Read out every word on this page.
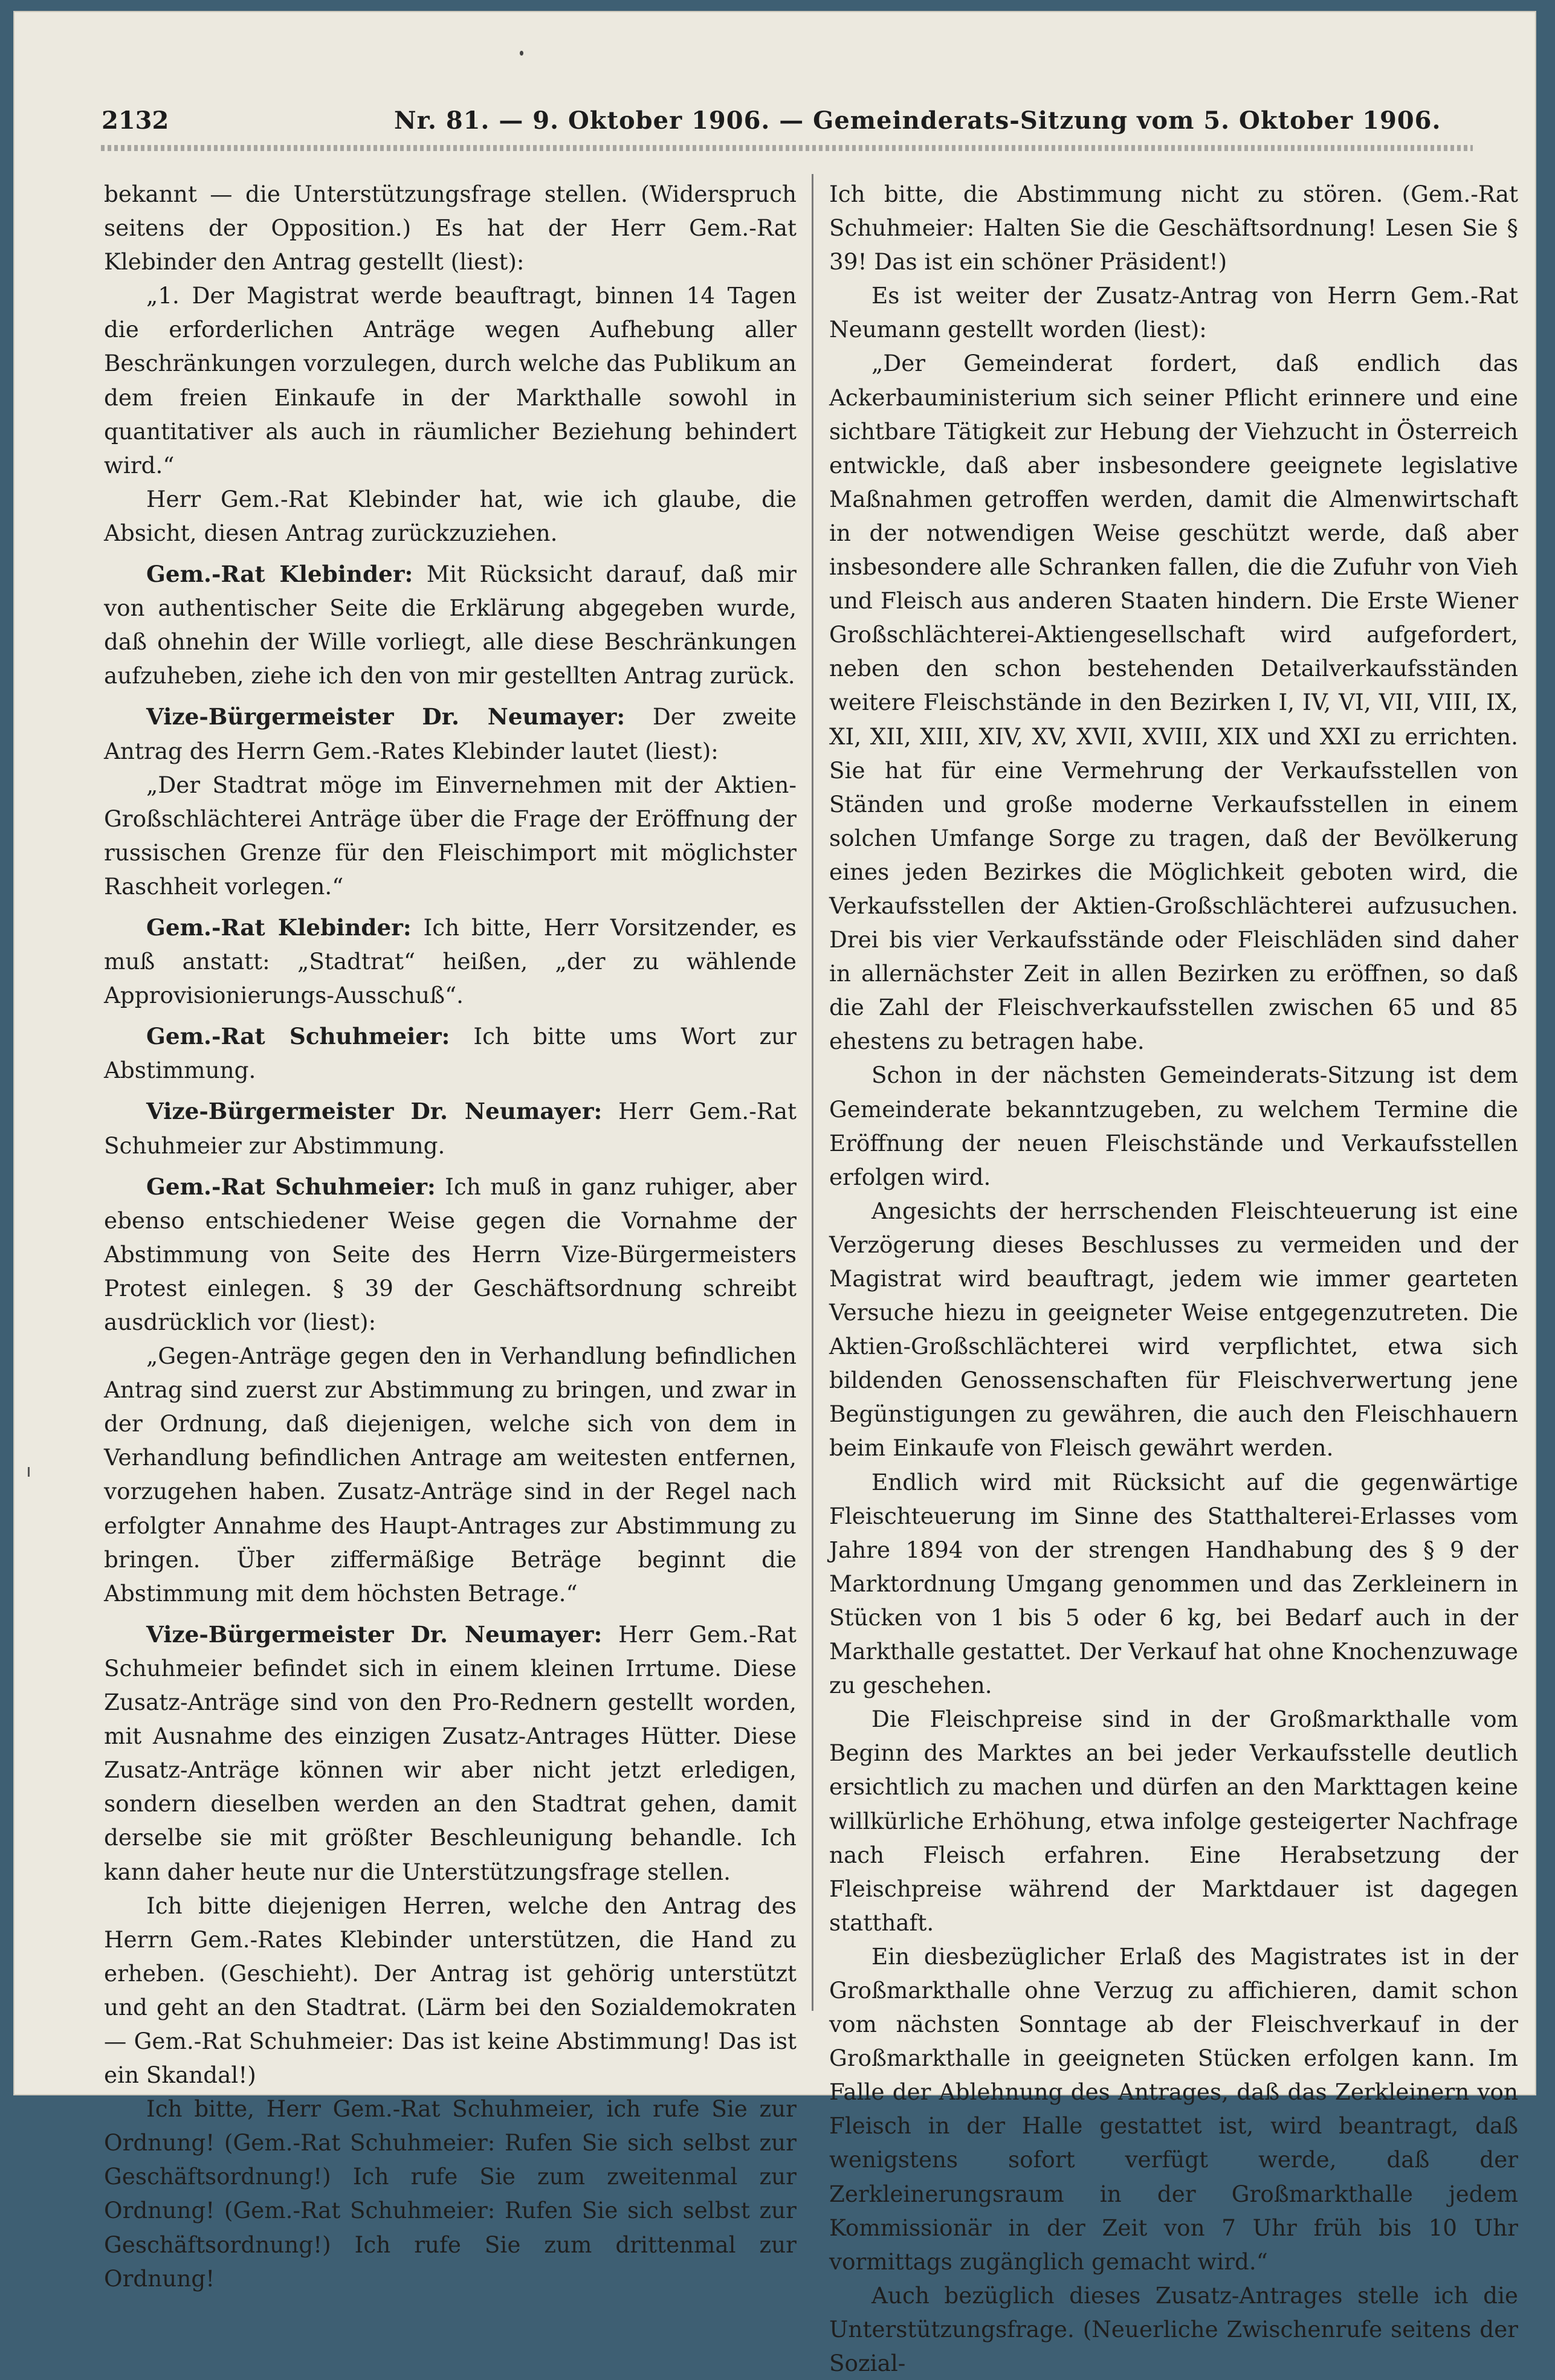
2132	Nr. 81. — 9. Oktober 1906. — Gemeinderats-Sitzung vom 5. Oktober 1906.

bekannt — die Unterstützungsfrage stellen. (Widerspruch seitens der Opposition.) Es hat der Herr Gem.-Rat Klebinder den Antrag gestellt (liest):

„1. Der Magistrat werde beauftragt, binnen 14 Tagen die erforderlichen Anträge wegen Aufhebung aller Beschränkungen vorzulegen, durch welche das Publikum an dem freien Einkaufe in der Markthalle sowohl in quantitativer als auch in räumlicher Beziehung behindert wird.“

Herr Gem.-Rat Klebinder hat, wie ich glaube, die Absicht, diesen Antrag zurückzuziehen.

Gem.-Rat Klebinder: Mit Rücksicht darauf, daß mir von authentischer Seite die Erklärung abgegeben wurde, daß ohnehin der Wille vorliegt, alle diese Beschränkungen aufzuheben, ziehe ich den von mir gestellten Antrag zurück.

Vize-Bürgermeister Dr. Neumayer: Der zweite Antrag des Herrn Gem.-Rates Klebinder lautet (liest):

„Der Stadtrat möge im Einvernehmen mit der Aktien-Großschlächterei Anträge über die Frage der Eröffnung der russischen Grenze für den Fleischimport mit möglichster Raschheit vorlegen.“

Gem.-Rat Klebinder: Ich bitte, Herr Vorsitzender, es muß anstatt: „Stadtrat“ heißen, „der zu wählende Approvisionierungs-Ausschuß“.

Gem.-Rat Schuhmeier: Ich bitte ums Wort zur Abstimmung.

Vize-Bürgermeister Dr. Neumayer: Herr Gem.-Rat Schuhmeier zur Abstimmung.

Gem.-Rat Schuhmeier: Ich muß in ganz ruhiger, aber ebenso entschiedener Weise gegen die Vornahme der Abstimmung von Seite des Herrn Vize-Bürgermeisters Protest einlegen. § 39 der Geschäftsordnung schreibt ausdrücklich vor (liest):

„Gegen-Anträge gegen den in Verhandlung befindlichen Antrag sind zuerst zur Abstimmung zu bringen, und zwar in der Ordnung, daß diejenigen, welche sich von dem in Verhandlung befindlichen Antrage am weitesten entfernen, vorzugehen haben. Zusatz-Anträge sind in der Regel nach erfolgter Annahme des Haupt-Antrages zur Abstimmung zu bringen. Über ziffermäßige Beträge beginnt die Abstimmung mit dem höchsten Betrage.“

Vize-Bürgermeister Dr. Neumayer: Herr Gem.-Rat Schuhmeier befindet sich in einem kleinen Irrtume. Diese Zusatz-Anträge sind von den Pro-Rednern gestellt worden, mit Ausnahme des einzigen Zusatz-Antrages Hütter. Diese Zusatz-Anträge können wir aber nicht jetzt erledigen, sondern dieselben werden an den Stadtrat gehen, damit derselbe sie mit größter Beschleunigung behandle. Ich kann daher heute nur die Unterstützungsfrage stellen.

Ich bitte diejenigen Herren, welche den Antrag des Herrn Gem.-Rates Klebinder unterstützen, die Hand zu erheben. (Geschieht). Der Antrag ist gehörig unterstützt und geht an den Stadtrat. (Lärm bei den Sozialdemokraten — Gem.-Rat Schuhmeier: Das ist keine Abstimmung! Das ist ein Skandal!)

Ich bitte, Herr Gem.-Rat Schuhmeier, ich rufe Sie zur Ordnung! (Gem.-Rat Schuhmeier: Rufen Sie sich selbst zur Geschäftsordnung!) Ich rufe Sie zum zweitenmal zur Ordnung! (Gem.-Rat Schuhmeier: Rufen Sie sich selbst zur Geschäftsordnung!) Ich rufe Sie zum drittenmal zur Ordnung!

Ich bitte, die Abstimmung nicht zu stören. (Gem.-Rat Schuhmeier: Halten Sie die Geschäftsordnung! Lesen Sie § 39! Das ist ein schöner Präsident!)

Es ist weiter der Zusatz-Antrag von Herrn Gem.-Rat Neumann gestellt worden (liest):

„Der Gemeinderat fordert, daß endlich das Ackerbauministerium sich seiner Pflicht erinnere und eine sichtbare Tätigkeit zur Hebung der Viehzucht in Österreich entwickle, daß aber insbesondere geeignete legislative Maßnahmen getroffen werden, damit die Almenwirtschaft in der notwendigen Weise geschützt werde, daß aber insbesondere alle Schranken fallen, die die Zufuhr von Vieh und Fleisch aus anderen Staaten hindern. Die Erste Wiener Großschlächterei-Aktiengesellschaft wird aufgefordert, neben den schon bestehenden Detailverkaufsständen weitere Fleischstände in den Bezirken I, IV, VI, VII, VIII, IX, XI, XII, XIII, XIV, XV, XVII, XVIII, XIX und XXI zu errichten. Sie hat für eine Vermehrung der Verkaufsstellen von Ständen und große moderne Verkaufsstellen in einem solchen Umfange Sorge zu tragen, daß der Bevölkerung eines jeden Bezirkes die Möglichkeit geboten wird, die Verkaufsstellen der Aktien-Großschlächterei aufzusuchen. Drei bis vier Verkaufsstände oder Fleischläden sind daher in allernächster Zeit in allen Bezirken zu eröffnen, so daß die Zahl der Fleischverkaufsstellen zwischen 65 und 85 ehestens zu betragen habe.

Schon in der nächsten Gemeinderats-Sitzung ist dem Gemeinderate bekanntzugeben, zu welchem Termine die Eröffnung der neuen Fleischstände und Verkaufsstellen erfolgen wird.

Angesichts der herrschenden Fleischteuerung ist eine Verzögerung dieses Beschlusses zu vermeiden und der Magistrat wird beauftragt, jedem wie immer gearteten Versuche hiezu in geeigneter Weise entgegenzutreten. Die Aktien-Großschlächterei wird verpflichtet, etwa sich bildenden Genossenschaften für Fleischverwertung jene Begünstigungen zu gewähren, die auch den Fleischhauern beim Einkaufe von Fleisch gewährt werden.

Endlich wird mit Rücksicht auf die gegenwärtige Fleischteuerung im Sinne des Statthalterei-Erlasses vom Jahre 1894 von der strengen Handhabung des § 9 der Marktordnung Umgang genommen und das Zerkleinern in Stücken von 1 bis 5 oder 6 kg, bei Bedarf auch in der Markthalle gestattet. Der Verkauf hat ohne Knochenzuwage zu geschehen.

Die Fleischpreise sind in der Großmarkthalle vom Beginn des Marktes an bei jeder Verkaufsstelle deutlich ersichtlich zu machen und dürfen an den Markttagen keine willkürliche Erhöhung, etwa infolge gesteigerter Nachfrage nach Fleisch erfahren. Eine Herabsetzung der Fleischpreise während der Marktdauer ist dagegen statthaft.

Ein diesbezüglicher Erlaß des Magistrates ist in der Großmarkthalle ohne Verzug zu affichieren, damit schon vom nächsten Sonntage ab der Fleischverkauf in der Großmarkthalle in geeigneten Stücken erfolgen kann. Im Falle der Ablehnung des Antrages, daß das Zerkleinern von Fleisch in der Halle gestattet ist, wird beantragt, daß wenigstens sofort verfügt werde, daß der Zerkleinerungsraum in der Großmarkthalle jedem Kommissionär in der Zeit von 7 Uhr früh bis 10 Uhr vormittags zugänglich gemacht wird.“

Auch bezüglich dieses Zusatz-Antrages stelle ich die Unterstützungsfrage. (Neuerliche Zwischenrufe seitens der Sozial-
